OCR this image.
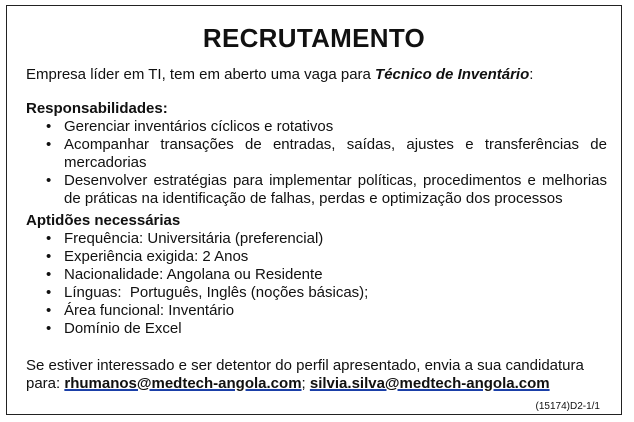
RECRUTAMENTO
Empresa líder em TI, tem em aberto uma vaga para Técnico de Inventário:
Responsabilidades:
• Gerenciar inventários cíclicos e rotativos
• Acompanhar transações de entradas, saídas, ajustes e transferências de mercadorias
• Desenvolver estratégias para implementar políticas, procedimentos e melhorias de práticas na identificação de falhas, perdas e optimização dos processos
Aptidões necessárias
• Frequência: Universitária (preferencial)
• Experiência exigida: 2 Anos
• Nacionalidade: Angolana ou Residente
• Línguas:  Português, Inglês (noções básicas);
• Área funcional: Inventário
• Domínio de Excel
Se estiver interessado e ser detentor do perfil apresentado, envia a sua candidatura para: rhumanos@medtech-angola.com; silvia.silva@medtech-angola.com
(15174)D2-1/1
